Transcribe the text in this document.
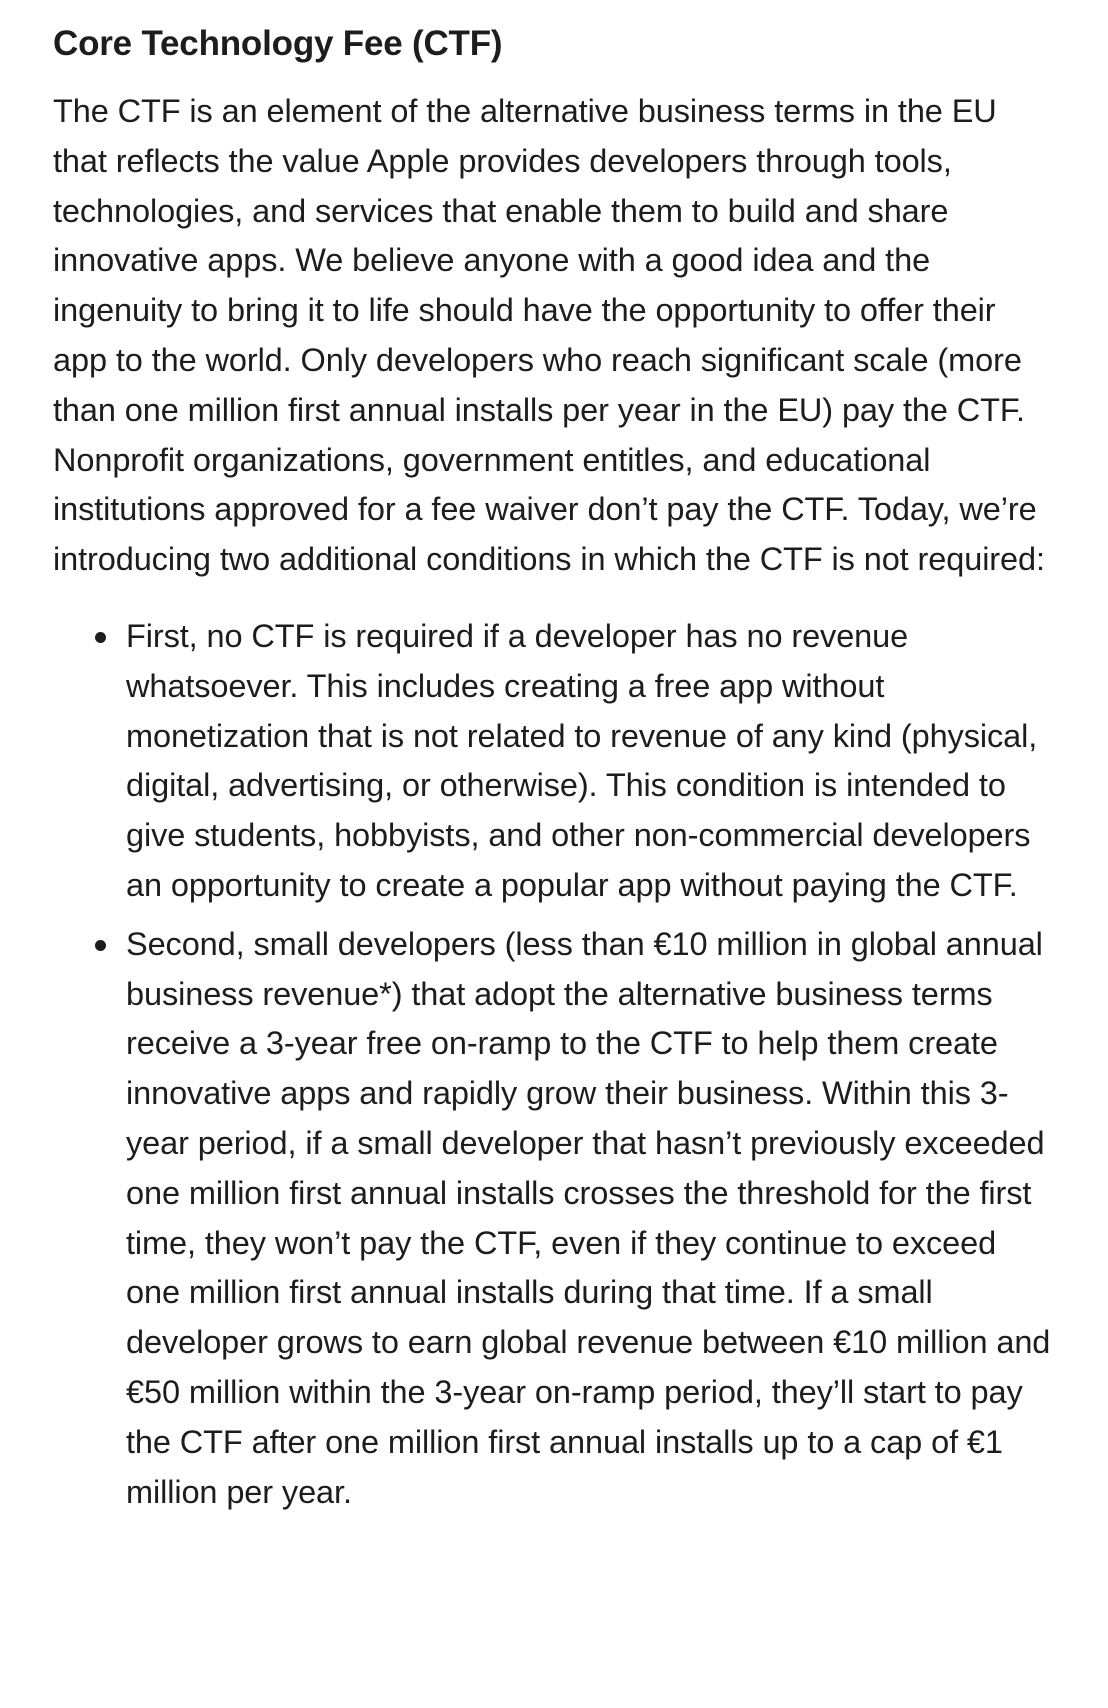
Core Technology Fee (CTF)

The CTF is an element of the alternative business terms in the EU that reflects the value Apple provides developers through tools, technologies, and services that enable them to build and share innovative apps. We believe anyone with a good idea and the ingenuity to bring it to life should have the opportunity to offer their app to the world. Only developers who reach significant scale (more than one million first annual installs per year in the EU) pay the CTF. Nonprofit organizations, government entitles, and educational institutions approved for a fee waiver don’t pay the CTF. Today, we’re introducing two additional conditions in which the CTF is not required:

First, no CTF is required if a developer has no revenue whatsoever. This includes creating a free app without monetization that is not related to revenue of any kind (physical, digital, advertising, or otherwise). This condition is intended to give students, hobbyists, and other non-commercial developers an opportunity to create a popular app without paying the CTF.
Second, small developers (less than €10 million in global annual business revenue*) that adopt the alternative business terms receive a 3-year free on-ramp to the CTF to help them create innovative apps and rapidly grow their business. Within this 3-year period, if a small developer that hasn’t previously exceeded one million first annual installs crosses the threshold for the first time, they won’t pay the CTF, even if they continue to exceed one million first annual installs during that time. If a small developer grows to earn global revenue between €10 million and €50 million within the 3-year on-ramp period, they’ll start to pay the CTF after one million first annual installs up to a cap of €1 million per year.
